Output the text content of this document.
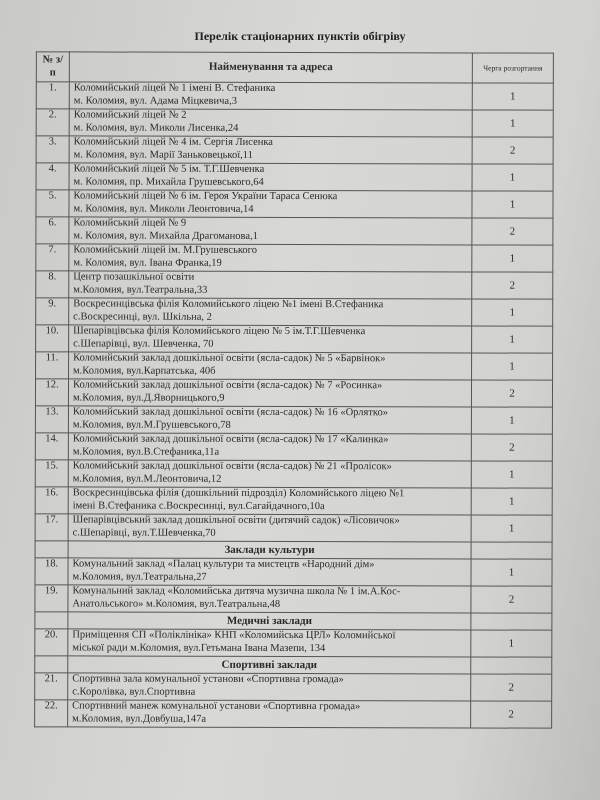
Перелік стаціонарних пунктів обігріву
№ з/п	Найменування та адреса	Черга розгортання
1.	Коломийський ліцей № 1 імені В. Стефаника
м. Коломия, вул. Адама Міцкевича,3	1
2.	Коломийський ліцей № 2
м. Коломия, вул. Миколи Лисенка,24	1
3.	Коломийський ліцей № 4 ім. Сергія Лисенка
м. Коломия, вул. Марії Заньковецької,11	2
4.	Коломийський ліцей № 5 ім. Т.Г.Шевченка
м. Коломия, пр. Михайла Грушевського,64	1
5.	Коломийський ліцей № 6 ім. Героя України Тараса Сенюка
м. Коломия, вул. Миколи Леонтовича,14	1
6.	Коломийський ліцей № 9
м. Коломия, вул. Михайла Драгоманова,1	2
7.	Коломийський ліцей ім. М.Грушевського
м. Коломия, вул. Івана Франка,19	1
8.	Центр позашкільної освіти
м.Коломия, вул.Театральна,33	2
9.	Воскресинцівська філія Коломийського ліцею №1 імені В.Стефаника
с.Воскресинці, вул. Шкільна, 2	1
10.	Шепарівцівська філія Коломийського ліцею № 5 ім.Т.Г.Шевченка
с.Шепарівці, вул. Шевченка, 70	1
11.	Коломийський заклад дошкільної освіти (ясла-садок) № 5 «Барвінок»
м.Коломия, вул.Карпатська, 40б	1
12.	Коломийський заклад дошкільної освіти (ясла-садок) № 7 «Росинка»
м.Коломия, вул.Д.Яворницького,9	2
13.	Коломийський заклад дошкільної освіти (ясла-садок) № 16 «Орлятко»
м.Коломия, вул.М.Грушевського,78	1
14.	Коломийський заклад дошкільної освіти (ясла-садок) № 17 «Калинка»
м.Коломия, вул.В.Стефаника,11а	2
15.	Коломийський заклад дошкільної освіти (ясла-садок) № 21 «Пролісок»
м.Коломия, вул.М.Леонтовича,12	1
16.	Воскресинцівська філія (дошкільний підрозділ) Коломийського ліцею №1
імені В.Стефаника с.Воскресинці, вул.Сагайдачного,10а	1
17.	Шепарівцівський заклад дошкільної освіти (дитячий садок) «Лісовичок»
с.Шепарівці, вул.Т.Шевченка,70	1
	Заклади культури	
18.	Комунальний заклад «Палац культури та мистецтв «Народний дім»
м.Коломия, вул.Театральна,27	1
19.	Комунальний заклад «Коломийська дитяча музична школа № 1 ім.А.Кос-
Анатольського» м.Коломия, вул.Театральна,48	2
	Медичні заклади	
20.	Приміщення СП «Поліклініка» КНП «Коломийська ЦРЛ» Коломийської
міської ради м.Коломия, вул.Гетьмана Івана Мазепи, 134	1
	Спортивні заклади	
21.	Спортивна зала комунальної установи «Спортивна громада»
с.Королівка, вул.Спортивна	2
22.	Спортивний манеж комунальної установи «Спортивна громада»
м.Коломия, вул.Довбуша,147а	2
